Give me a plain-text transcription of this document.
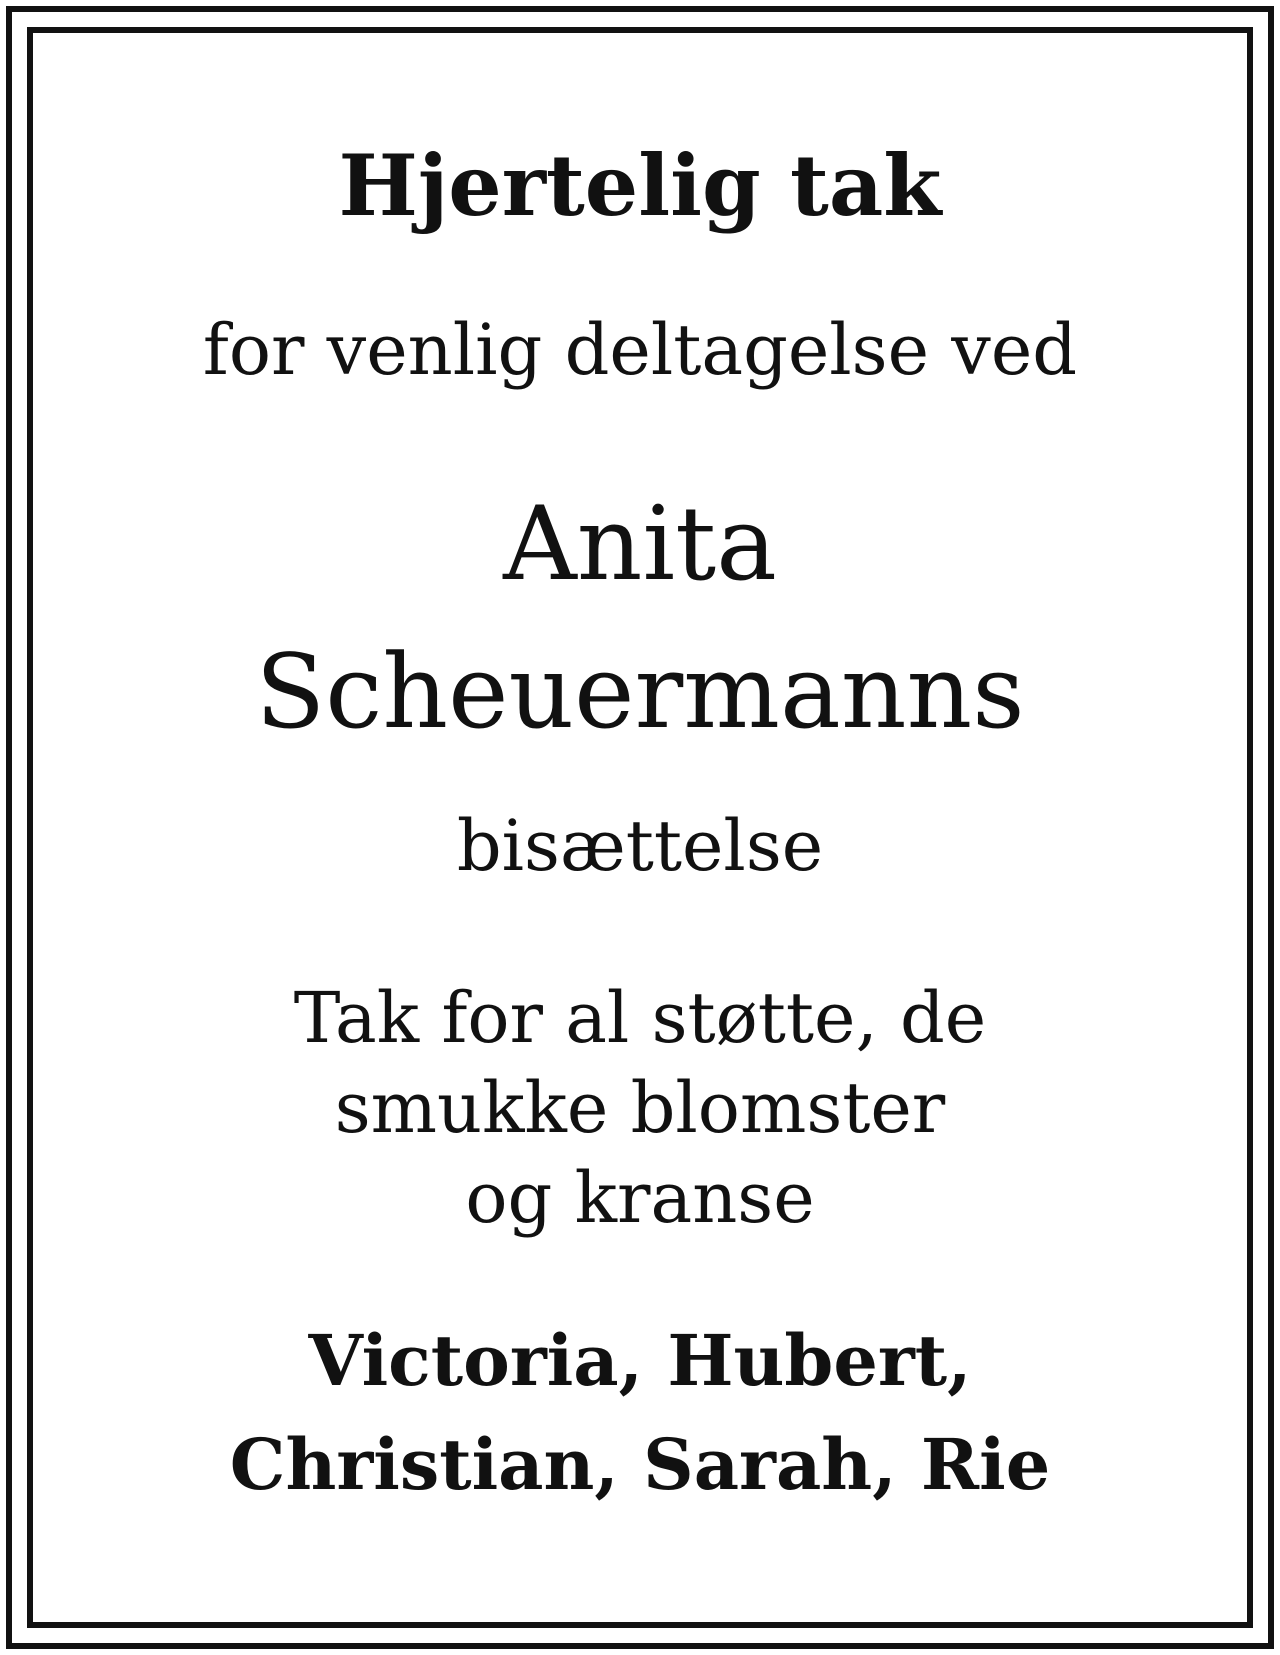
Hjertelig tak
for venlig deltagelse ved
Anita
Scheuermanns
bisættelse
Tak for al støtte, de
smukke blomster
og kranse
Victoria, Hubert,
Christian, Sarah, Rie
